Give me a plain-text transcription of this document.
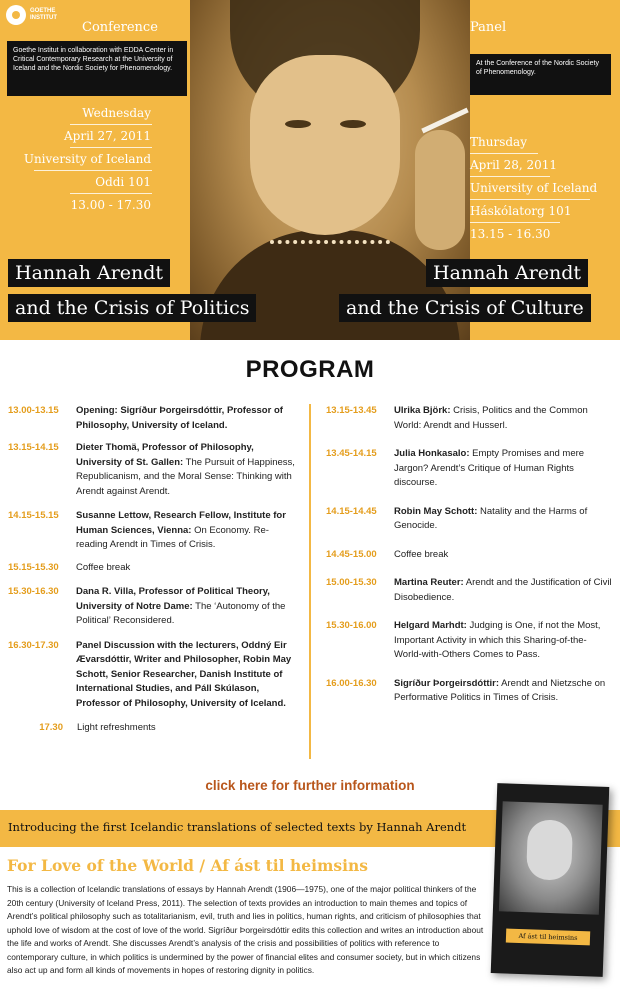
GOETHE INSTITUT
Conference
Goethe Institut in collaboration with EDDA Center in Critical Contemporary Research at the University of Iceland and the Nordic Society for Phenomenology.
Wednesday
April 27, 2011
University of Iceland
Oddi 101
13.00 - 17.30
Hannah Arendt
and the Crisis of Politics
Panel
At the Conference of the Nordic Society of Phenomenology.
Thursday
April 28, 2011
University of Iceland
Háskólatorg 101
13.15 - 16.30
Hannah Arendt
and the Crisis of Culture
PROGRAM
13.00-13.15	Opening: Sigríður Þorgeirsdóttir, Professor of Philosophy, University of Iceland.
13.15-14.15	Dieter Thomä, Professor of Philosophy, University of St. Gallen: The Pursuit of Happiness, Republicanism, and the Moral Sense: Thinking with Arendt against Arendt.
14.15-15.15	Susanne Lettow, Research Fellow, Institute for Human Sciences, Vienna: On Economy. Re-reading Arendt in Times of Crisis.
15.15-15.30	Coffee break
15.30-16.30	Dana R. Villa, Professor of Political Theory, University of Notre Dame: The ‘Autonomy of the Political’ Reconsidered.
16.30-17.30	Panel Discussion with the lecturers, Oddný Eir Ævarsdóttir, Writer and Philosopher, Robin May Schott, Senior Researcher, Danish Institute of International Studies, and Páll Skúlason, Professor of Philosophy, University of Iceland.
17.30	Light refreshments
13.15-13.45	Ulrika Björk: Crisis, Politics and the Common World: Arendt and Husserl.
13.45-14.15	Julia Honkasalo: Empty Promises and mere Jargon? Arendt’s Critique of Human Rights discourse.
14.15-14.45	Robin May Schott: Natality and the Harms of Genocide.
14.45-15.00	Coffee break
15.00-15.30	Martina Reuter: Arendt and the Justification of Civil Disobedience.
15.30-16.00	Helgard Marhdt: Judging is One, if not the Most, Important Activity in which this Sharing-of-the-World-with-Others Comes to Pass.
16.00-16.30	Sigríður Þorgeirsdóttir: Arendt and Nietzsche on Performative Politics in Times of Crisis.
click here for further information
Introducing the first Icelandic translations of selected texts by Hannah Arendt
Af ást til heimsins
For Love of the World / Af ást til heimsins
This is a collection of Icelandic translations of essays by Hannah Arendt (1906—1975), one of the major political thinkers of the 20th century (University of Iceland Press, 2011). The selection of texts provides an introduction to main themes and topics of Arendt’s political philosophy such as totalitarianism, evil, truth and lies in politics, human rights, and criticism of philosophies that uphold love of wisdom at the cost of love of the world. Sigríður Þorgeirsdóttir edits this collection and writes an introduction about the life and works of Arendt. She discusses Arendt’s analysis of the crisis and possibilities of politics with reference to contemporary culture, in which politics is undermined by the power of financial elites and consumer society, but in which citizens also act up and form all kinds of movements in hopes of restoring dignity in politics.
